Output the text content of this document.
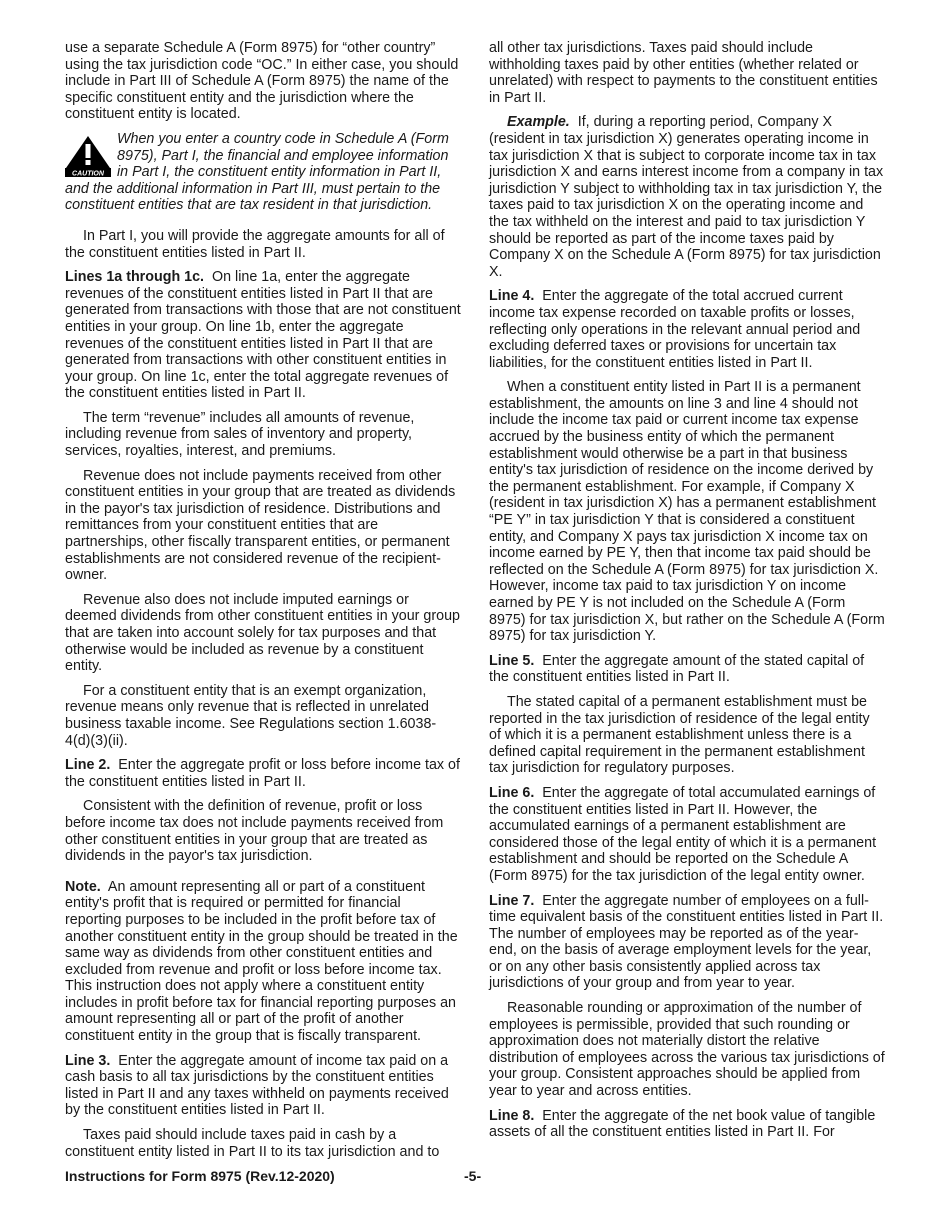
use a separate Schedule A (Form 8975) for “other country” using the tax jurisdiction code “OC.” In either case, you should include in Part III of Schedule A (Form 8975) the name of the specific constituent entity and the jurisdiction where the constituent entity is located.

CAUTION
When you enter a country code in Schedule A (Form 8975), Part I, the financial and employee information in Part I, the constituent entity information in Part II, and the additional information in Part III, must pertain to the constituent entities that are tax resident in that jurisdiction.

In Part I, you will provide the aggregate amounts for all of the constituent entities listed in Part II.

Lines 1a through 1c. On line 1a, enter the aggregate revenues of the constituent entities listed in Part II that are generated from transactions with those that are not constituent entities in your group. On line 1b, enter the aggregate revenues of the constituent entities listed in Part II that are generated from transactions with other constituent entities in your group. On line 1c, enter the total aggregate revenues of the constituent entities listed in Part II.

The term “revenue” includes all amounts of revenue, including revenue from sales of inventory and property, services, royalties, interest, and premiums.

Revenue does not include payments received from other constituent entities in your group that are treated as dividends in the payor's tax jurisdiction of residence. Distributions and remittances from your constituent entities that are partnerships, other fiscally transparent entities, or permanent establishments are not considered revenue of the recipient-owner.

Revenue also does not include imputed earnings or deemed dividends from other constituent entities in your group that are taken into account solely for tax purposes and that otherwise would be included as revenue by a constituent entity.

For a constituent entity that is an exempt organization, revenue means only revenue that is reflected in unrelated business taxable income. See Regulations section 1.6038-4(d)(3)(ii).

Line 2. Enter the aggregate profit or loss before income tax of the constituent entities listed in Part II.

Consistent with the definition of revenue, profit or loss before income tax does not include payments received from other constituent entities in your group that are treated as dividends in the payor's tax jurisdiction.

Note. An amount representing all or part of a constituent entity's profit that is required or permitted for financial reporting purposes to be included in the profit before tax of another constituent entity in the group should be treated in the same way as dividends from other constituent entities and excluded from revenue and profit or loss before income tax. This instruction does not apply where a constituent entity includes in profit before tax for financial reporting purposes an amount representing all or part of the profit of another constituent entity in the group that is fiscally transparent.

Line 3. Enter the aggregate amount of income tax paid on a cash basis to all tax jurisdictions by the constituent entities listed in Part II and any taxes withheld on payments received by the constituent entities listed in Part II.

Taxes paid should include taxes paid in cash by a constituent entity listed in Part II to its tax jurisdiction and to

all other tax jurisdictions. Taxes paid should include withholding taxes paid by other entities (whether related or unrelated) with respect to payments to the constituent entities in Part II.

Example. If, during a reporting period, Company X (resident in tax jurisdiction X) generates operating income in tax jurisdiction X that is subject to corporate income tax in tax jurisdiction X and earns interest income from a company in tax jurisdiction Y subject to withholding tax in tax jurisdiction Y, the taxes paid to tax jurisdiction X on the operating income and the tax withheld on the interest and paid to tax jurisdiction Y should be reported as part of the income taxes paid by Company X on the Schedule A (Form 8975) for tax jurisdiction X.

Line 4. Enter the aggregate of the total accrued current income tax expense recorded on taxable profits or losses, reflecting only operations in the relevant annual period and excluding deferred taxes or provisions for uncertain tax liabilities, for the constituent entities listed in Part II.

When a constituent entity listed in Part II is a permanent establishment, the amounts on line 3 and line 4 should not include the income tax paid or current income tax expense accrued by the business entity of which the permanent establishment would otherwise be a part in that business entity's tax jurisdiction of residence on the income derived by the permanent establishment. For example, if Company X (resident in tax jurisdiction X) has a permanent establishment “PE Y” in tax jurisdiction Y that is considered a constituent entity, and Company X pays tax jurisdiction X income tax on income earned by PE Y, then that income tax paid should be reflected on the Schedule A (Form 8975) for tax jurisdiction X. However, income tax paid to tax jurisdiction Y on income earned by PE Y is not included on the Schedule A (Form 8975) for tax jurisdiction X, but rather on the Schedule A (Form 8975) for tax jurisdiction Y.

Line 5. Enter the aggregate amount of the stated capital of the constituent entities listed in Part II.

The stated capital of a permanent establishment must be reported in the tax jurisdiction of residence of the legal entity of which it is a permanent establishment unless there is a defined capital requirement in the permanent establishment tax jurisdiction for regulatory purposes.

Line 6. Enter the aggregate of total accumulated earnings of the constituent entities listed in Part II. However, the accumulated earnings of a permanent establishment are considered those of the legal entity of which it is a permanent establishment and should be reported on the Schedule A (Form 8975) for the tax jurisdiction of the legal entity owner.

Line 7. Enter the aggregate number of employees on a full-time equivalent basis of the constituent entities listed in Part II. The number of employees may be reported as of the year-end, on the basis of average employment levels for the year, or on any other basis consistently applied across tax jurisdictions of your group and from year to year.

Reasonable rounding or approximation of the number of employees is permissible, provided that such rounding or approximation does not materially distort the relative distribution of employees across the various tax jurisdictions of your group. Consistent approaches should be applied from year to year and across entities.

Line 8. Enter the aggregate of the net book value of tangible assets of all the constituent entities listed in Part II. For

Instructions for Form 8975 (Rev.12-2020)	-5-
